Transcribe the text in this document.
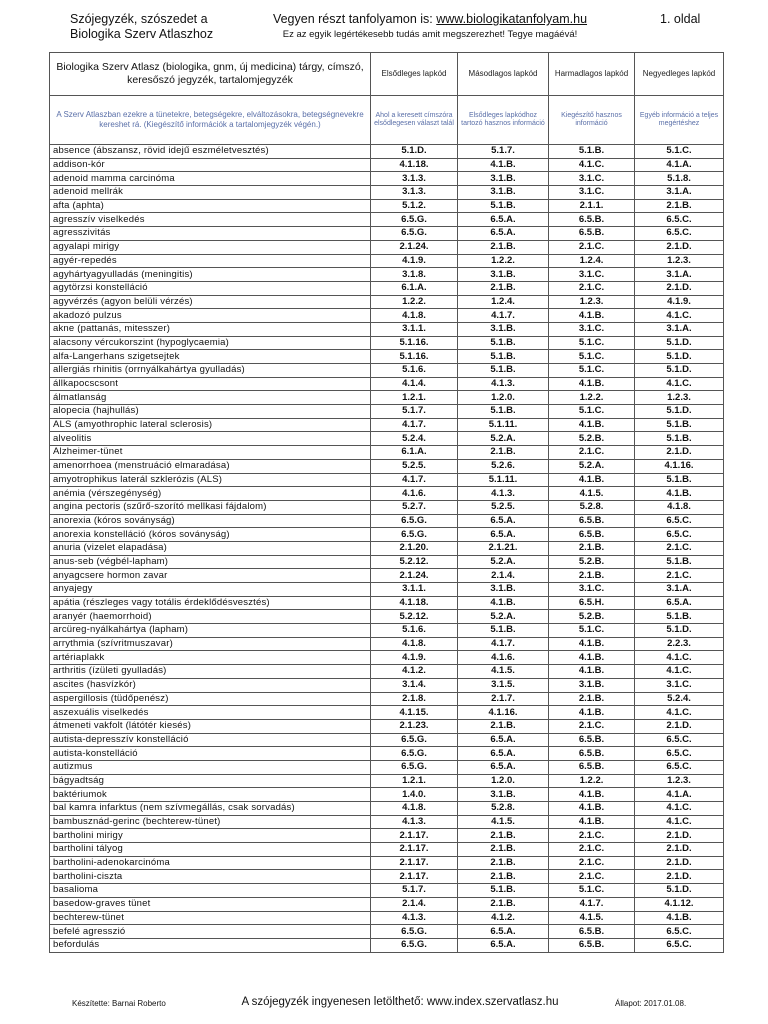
Szójegyzék, szószedet a
Biologika Szerv Atlaszhoz
Vegyen részt tanfolyamon is: www.biologikatanfolyam.hu
Ez az egyik legértékesebb tudás amit megszerezhet! Tegye magáévá!
1. oldal
Biologika Szerv Atlasz (biologika, gnm, új medicina) tárgy, címszó, keresőszó jegyzék, tartalomjegyzék	Elsődleges lapkód	Másodlagos lapkód	Harmadlagos lapkód	Negyedleges lapkód
A Szerv Atlaszban ezekre a tünetekre, betegségekre, elváltozásokra, betegségnevekre kereshet rá. (Kiegészítő információk a tartalomjegyzék végén.)	Ahol a keresett címszóra elsődlegesen választ talál	Elsődleges lapkódhoz tartozó hasznos információ	Kiegészítő hasznos információ	Egyéb információ a teljes megértéshez
absence (ábszansz, rövid idejű eszméletvesztés)	5.1.D.	5.1.7.	5.1.B.	5.1.C.
addison-kór	4.1.18.	4.1.B.	4.1.C.	4.1.A.
adenoid mamma carcinóma	3.1.3.	3.1.B.	3.1.C.	5.1.8.
adenoid mellrák	3.1.3.	3.1.B.	3.1.C.	3.1.A.
afta (aphta)	5.1.2.	5.1.B.	2.1.1.	2.1.B.
agresszív viselkedés	6.5.G.	6.5.A.	6.5.B.	6.5.C.
agresszivitás	6.5.G.	6.5.A.	6.5.B.	6.5.C.
agyalapi mirigy	2.1.24.	2.1.B.	2.1.C.	2.1.D.
agyér-repedés	4.1.9.	1.2.2.	1.2.4.	1.2.3.
agyhártyagyulladás (meningitis)	3.1.8.	3.1.B.	3.1.C.	3.1.A.
agytörzsi konstelláció	6.1.A.	2.1.B.	2.1.C.	2.1.D.
agyvérzés (agyon belüli vérzés)	1.2.2.	1.2.4.	1.2.3.	4.1.9.
akadozó pulzus	4.1.8.	4.1.7.	4.1.B.	4.1.C.
akne (pattanás, mitesszer)	3.1.1.	3.1.B.	3.1.C.	3.1.A.
alacsony vércukorszint (hypoglycaemia)	5.1.16.	5.1.B.	5.1.C.	5.1.D.
alfa-Langerhans szigetsejtek	5.1.16.	5.1.B.	5.1.C.	5.1.D.
allergiás rhinitis (orrnyálkahártya gyulladás)	5.1.6.	5.1.B.	5.1.C.	5.1.D.
állkapocscsont	4.1.4.	4.1.3.	4.1.B.	4.1.C.
álmatlanság	1.2.1.	1.2.0.	1.2.2.	1.2.3.
alopecia (hajhullás)	5.1.7.	5.1.B.	5.1.C.	5.1.D.
ALS (amyothrophic lateral sclerosis)	4.1.7.	5.1.11.	4.1.B.	5.1.B.
alveolitis	5.2.4.	5.2.A.	5.2.B.	5.1.B.
Alzheimer-tünet	6.1.A.	2.1.B.	2.1.C.	2.1.D.
amenorrhoea (menstruáció elmaradása)	5.2.5.	5.2.6.	5.2.A.	4.1.16.
amyotrophikus laterál szklerózis (ALS)	4.1.7.	5.1.11.	4.1.B.	5.1.B.
anémia (vérszegénység)	4.1.6.	4.1.3.	4.1.5.	4.1.B.
angina pectoris (szűrő-szorító mellkasi fájdalom)	5.2.7.	5.2.5.	5.2.8.	4.1.8.
anorexia (kóros soványság)	6.5.G.	6.5.A.	6.5.B.	6.5.C.
anorexia konstelláció (kóros soványság)	6.5.G.	6.5.A.	6.5.B.	6.5.C.
anuria (vizelet elapadása)	2.1.20.	2.1.21.	2.1.B.	2.1.C.
anus-seb (végbél-lapham)	5.2.12.	5.2.A.	5.2.B.	5.1.B.
anyagcsere hormon zavar	2.1.24.	2.1.4.	2.1.B.	2.1.C.
anyajegy	3.1.1.	3.1.B.	3.1.C.	3.1.A.
apátia (részleges vagy totális érdeklődésvesztés)	4.1.18.	4.1.B.	6.5.H.	6.5.A.
aranyér (haemorrhoid)	5.2.12.	5.2.A.	5.2.B.	5.1.B.
arcüreg-nyálkahártya (lapham)	5.1.6.	5.1.B.	5.1.C.	5.1.D.
arrythmia (szívritmuszavar)	4.1.8.	4.1.7.	4.1.B.	2.2.3.
artériaplakk	4.1.9.	4.1.6.	4.1.B.	4.1.C.
arthritis (ízületi gyulladás)	4.1.2.	4.1.5.	4.1.B.	4.1.C.
ascites (hasvízkór)	3.1.4.	3.1.5.	3.1.B.	3.1.C.
aspergillosis (tüdőpenész)	2.1.8.	2.1.7.	2.1.B.	5.2.4.
aszexuális viselkedés	4.1.15.	4.1.16.	4.1.B.	4.1.C.
átmeneti vakfolt (látótér kiesés)	2.1.23.	2.1.B.	2.1.C.	2.1.D.
autista-depresszív konstelláció	6.5.G.	6.5.A.	6.5.B.	6.5.C.
autista-konstelláció	6.5.G.	6.5.A.	6.5.B.	6.5.C.
autizmus	6.5.G.	6.5.A.	6.5.B.	6.5.C.
bágyadtság	1.2.1.	1.2.0.	1.2.2.	1.2.3.
baktériumok	1.4.0.	3.1.B.	4.1.B.	4.1.A.
bal kamra infarktus (nem szívmegállás, csak sorvadás)	4.1.8.	5.2.8.	4.1.B.	4.1.C.
bambusznád-gerinc (bechterew-tünet)	4.1.3.	4.1.5.	4.1.B.	4.1.C.
bartholini mirigy	2.1.17.	2.1.B.	2.1.C.	2.1.D.
bartholini tályog	2.1.17.	2.1.B.	2.1.C.	2.1.D.
bartholini-adenokarcinóma	2.1.17.	2.1.B.	2.1.C.	2.1.D.
bartholini-ciszta	2.1.17.	2.1.B.	2.1.C.	2.1.D.
basalioma	5.1.7.	5.1.B.	5.1.C.	5.1.D.
basedow-graves tünet	2.1.4.	2.1.B.	4.1.7.	4.1.12.
bechterew-tünet	4.1.3.	4.1.2.	4.1.5.	4.1.B.
befelé agresszió	6.5.G.	6.5.A.	6.5.B.	6.5.C.
befordulás	6.5.G.	6.5.A.	6.5.B.	6.5.C.
Készítette: Barnai Roberto	A szójegyzék ingyenesen letölthető: www.index.szervatlasz.hu	Állapot: 2017.01.08.
